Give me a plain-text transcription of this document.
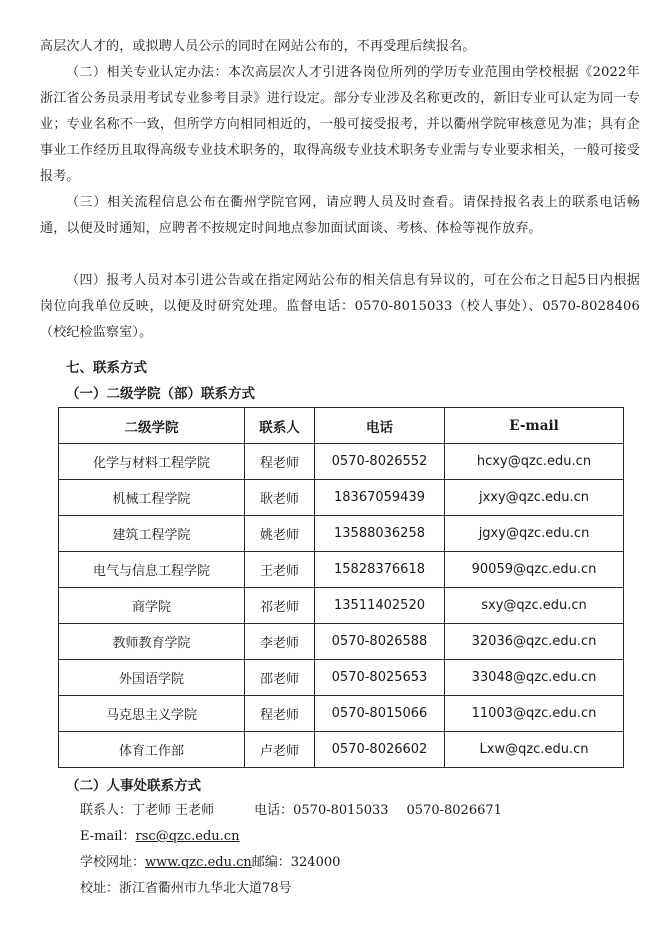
高层次人才的，或拟聘人员公示的同时在网站公布的，不再受理后续报名。

（二）相关专业认定办法：本次高层次人才引进各岗位所列的学历专业范围由学校根据《2022年浙江省公务员录用考试专业参考目录》进行设定。部分专业涉及名称更改的，新旧专业可认定为同一专业；专业名称不一致，但所学方向相同相近的，一般可接受报考，并以衢州学院审核意见为准；具有企事业工作经历且取得高级专业技术职务的，取得高级专业技术职务专业需与专业要求相关，一般可接受报考。

（三）相关流程信息公布在衢州学院官网，请应聘人员及时查看。请保持报名表上的联系电话畅通，以便及时通知，应聘者不按规定时间地点参加面试面谈、考核、体检等视作放弃。

（四）报考人员对本引进公告或在指定网站公布的相关信息有异议的，可在公布之日起5日内根据岗位向我单位反映，以便及时研究处理。监督电话：0570-8015033（校人事处）、0570-8028406（校纪检监察室）。

七、联系方式

（一）二级学院（部）联系方式

二级学院	联系人	电话	E-mail
化学与材料工程学院	程老师	0570-8026552	hcxy@qzc.edu.cn
机械工程学院	耿老师	18367059439	jxxy@qzc.edu.cn
建筑工程学院	姚老师	13588036258	jgxy@qzc.edu.cn
电气与信息工程学院	王老师	15828376618	90059@qzc.edu.cn
商学院	祁老师	13511402520	sxy@qzc.edu.cn
教师教育学院	李老师	0570-8026588	32036@qzc.edu.cn
外国语学院	邵老师	0570-8025653	33048@qzc.edu.cn
马克思主义学院	程老师	0570-8015066	11003@qzc.edu.cn
体育工作部	卢老师	0570-8026602	Lxw@qzc.edu.cn

（二）人事处联系方式

联系人：丁老师 王老师	电话：0570-8015033 0570-8026671

E-mail：rsc@qzc.edu.cn

学校网址：www.qzc.edu.cn邮编：324000

校址：浙江省衢州市九华北大道78号
